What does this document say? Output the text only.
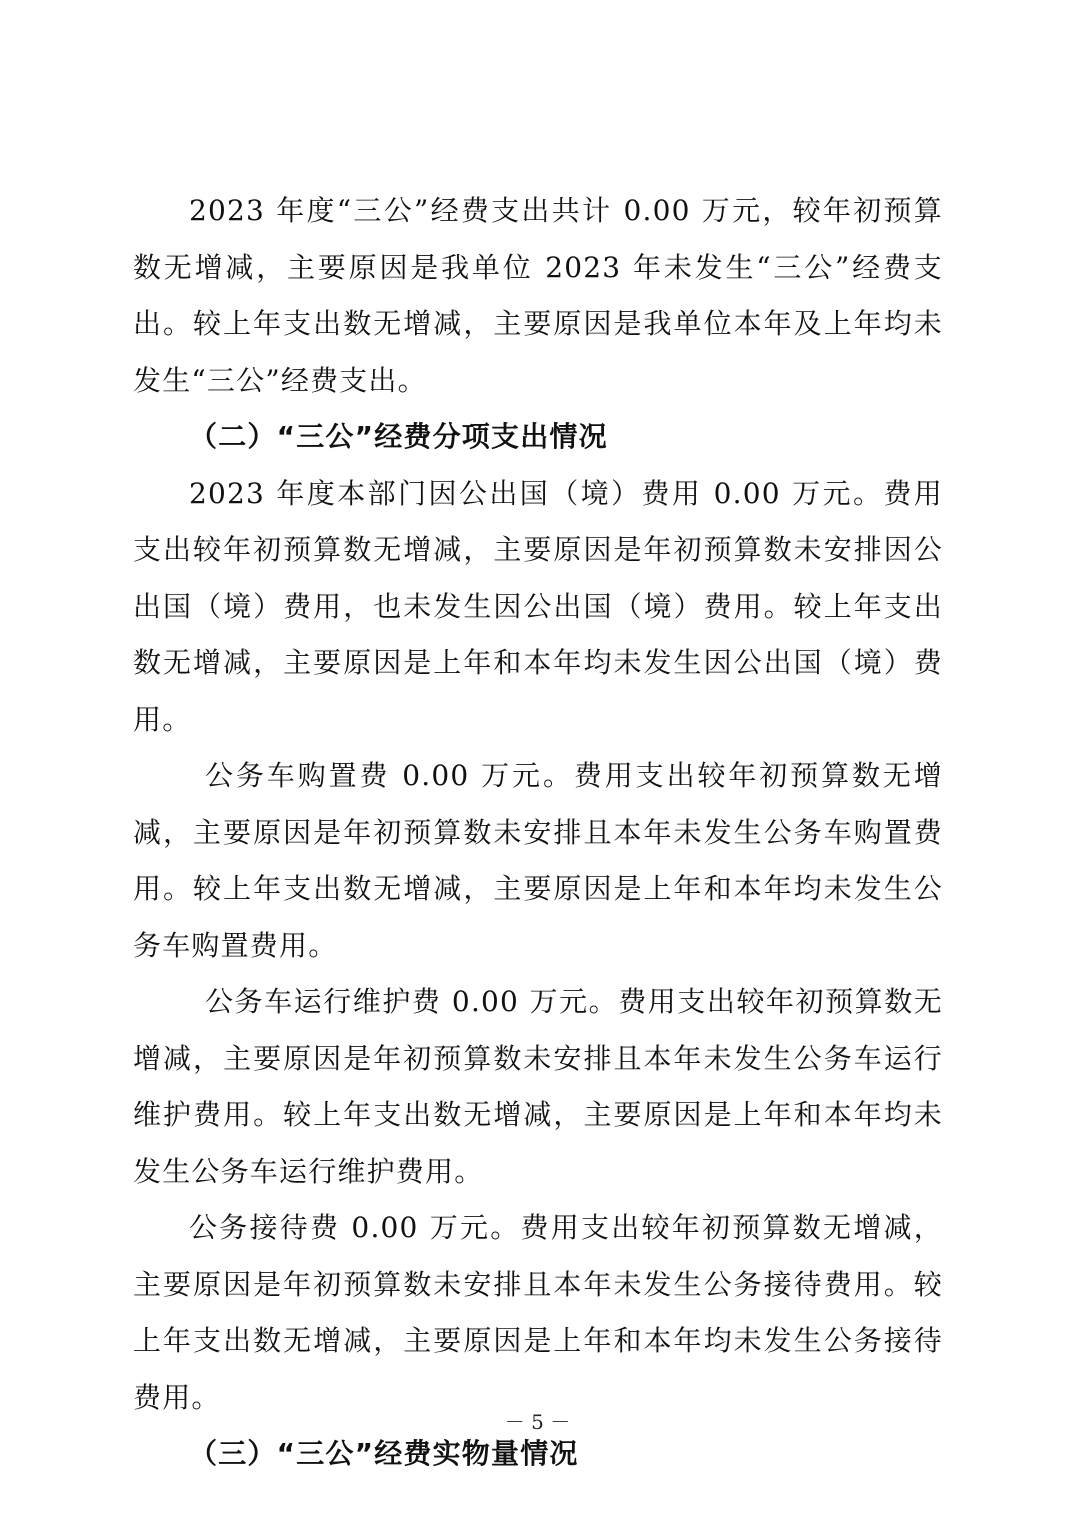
2023 年度“三公”经费支出共计 0.00 万元，较年初预算数无增减，主要原因是我单位 2023 年未发生“三公”经费支出。较上年支出数无增减，主要原因是我单位本年及上年均未发生“三公”经费支出。

（二）“三公”经费分项支出情况

2023 年度本部门因公出国（境）费用 0.00 万元。费用支出较年初预算数无增减，主要原因是年初预算数未安排因公出国（境）费用，也未发生因公出国（境）费用。较上年支出数无增减，主要原因是上年和本年均未发生因公出国（境）费用。

公务车购置费 0.00 万元。费用支出较年初预算数无增减，主要原因是年初预算数未安排且本年未发生公务车购置费用。较上年支出数无增减，主要原因是上年和本年均未发生公务车购置费用。

公务车运行维护费 0.00 万元。费用支出较年初预算数无增减，主要原因是年初预算数未安排且本年未发生公务车运行维护费用。较上年支出数无增减，主要原因是上年和本年均未发生公务车运行维护费用。

公务接待费 0.00 万元。费用支出较年初预算数无增减，主要原因是年初预算数未安排且本年未发生公务接待费用。较上年支出数无增减，主要原因是上年和本年均未发生公务接待费用。

（三）“三公”经费实物量情况

－ 5 －
